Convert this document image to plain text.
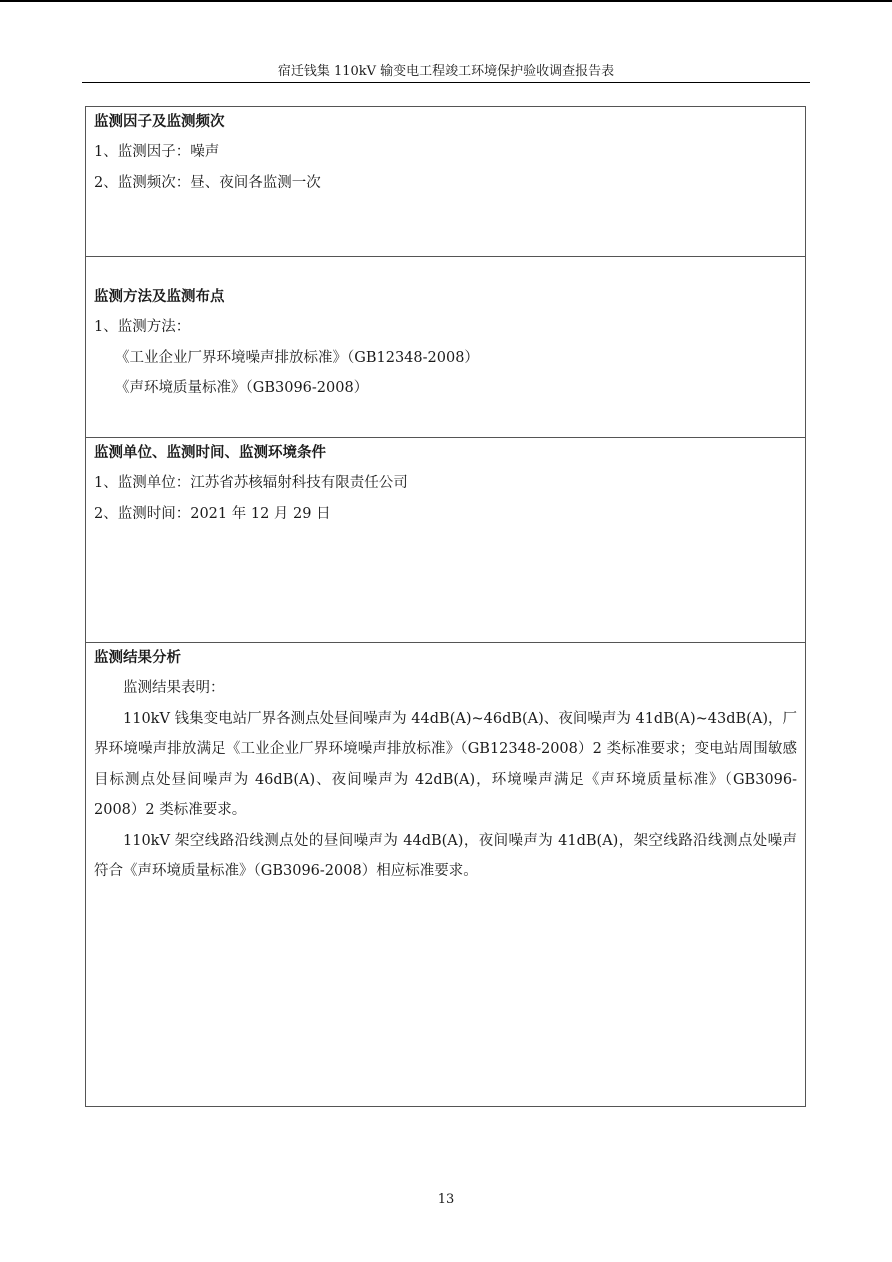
宿迁钱集 110kV 输变电工程竣工环境保护验收调查报告表

监测因子及监测频次

1、监测因子：噪声

2、监测频次：昼、夜间各监测一次

监测方法及监测布点

1、监测方法：

《工业企业厂界环境噪声排放标准》（GB12348-2008）

《声环境质量标准》（GB3096-2008）

监测单位、监测时间、监测环境条件

1、监测单位：江苏省苏核辐射科技有限责任公司

2、监测时间：2021 年 12 月 29 日

监测结果分析

监测结果表明：

110kV 钱集变电站厂界各测点处昼间噪声为 44dB(A)~46dB(A)、夜间噪声为 41dB(A)~43dB(A)，厂界环境噪声排放满足《工业企业厂界环境噪声排放标准》（GB12348-2008）2 类标准要求；变电站周围敏感目标测点处昼间噪声为 46dB(A)、夜间噪声为 42dB(A)，环境噪声满足《声环境质量标准》（GB3096-2008）2 类标准要求。

110kV 架空线路沿线测点处的昼间噪声为 44dB(A)，夜间噪声为 41dB(A)，架空线路沿线测点处噪声符合《声环境质量标准》（GB3096-2008）相应标准要求。

13
